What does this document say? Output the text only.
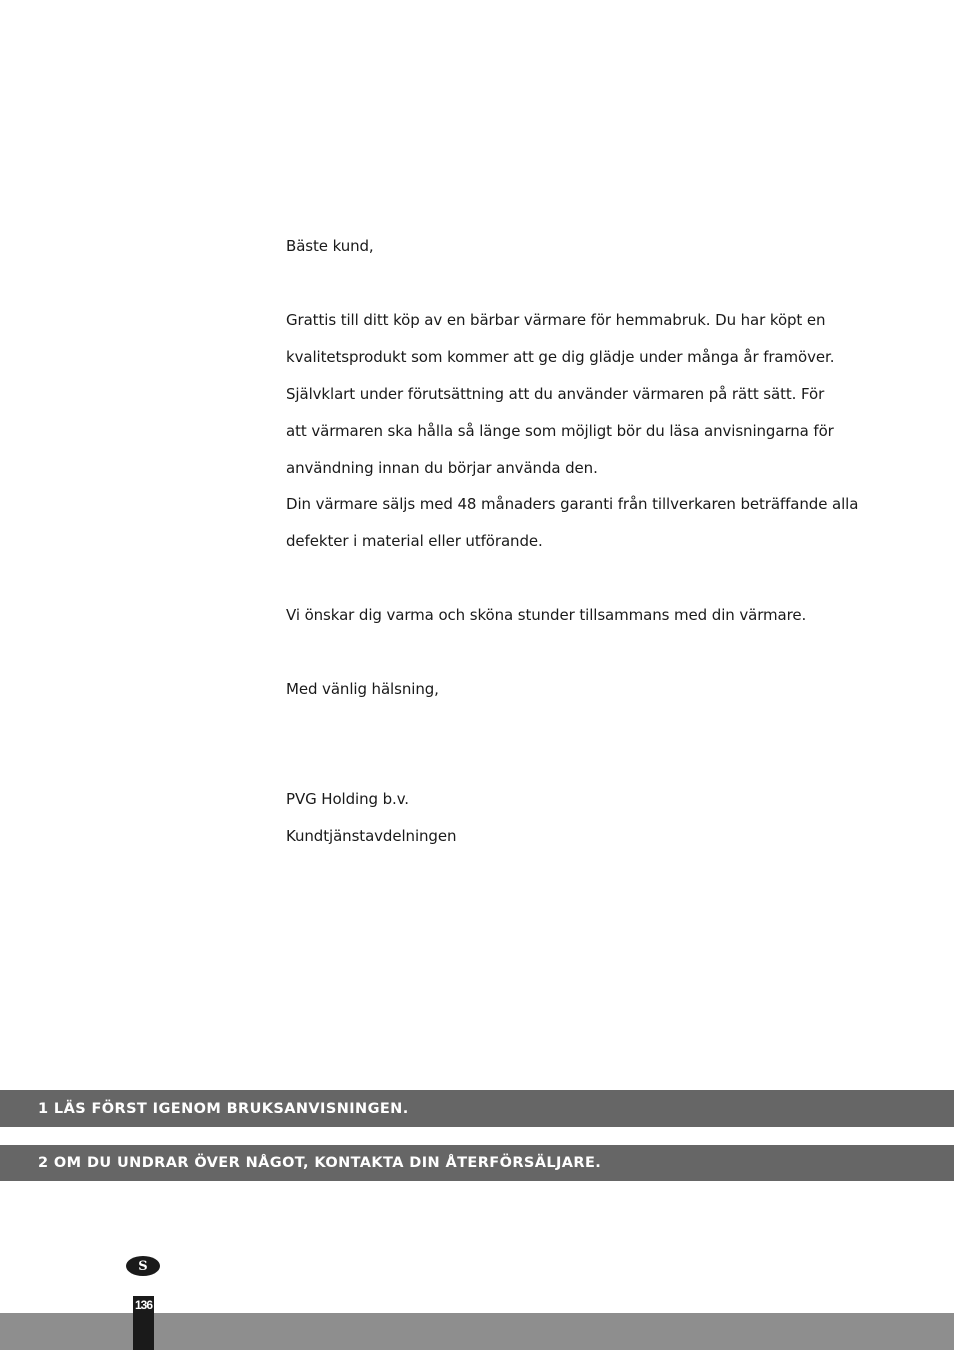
Bäste kund,
Grattis till ditt köp av en bärbar värmare för hemmabruk. Du har köpt en
kvalitetsprodukt som kommer att ge dig glädje under många år framöver.
Självklart under förutsättning att du använder värmaren på rätt sätt. För
att värmaren ska hålla så länge som möjligt bör du läsa anvisningarna för
användning innan du börjar använda den.
Din värmare säljs med 48 månaders garanti från tillverkaren beträffande alla
defekter i material eller utförande.
Vi önskar dig varma och sköna stunder tillsammans med din värmare.
Med vänlig hälsning,
PVG Holding b.v.
Kundtjänstavdelningen
1 LÄS FÖRST IGENOM BRUKSANVISNINGEN.
2 OM DU UNDRAR ÖVER NÅGOT, KONTAKTA DIN ÅTERFÖRSÄLJARE.
S
136
